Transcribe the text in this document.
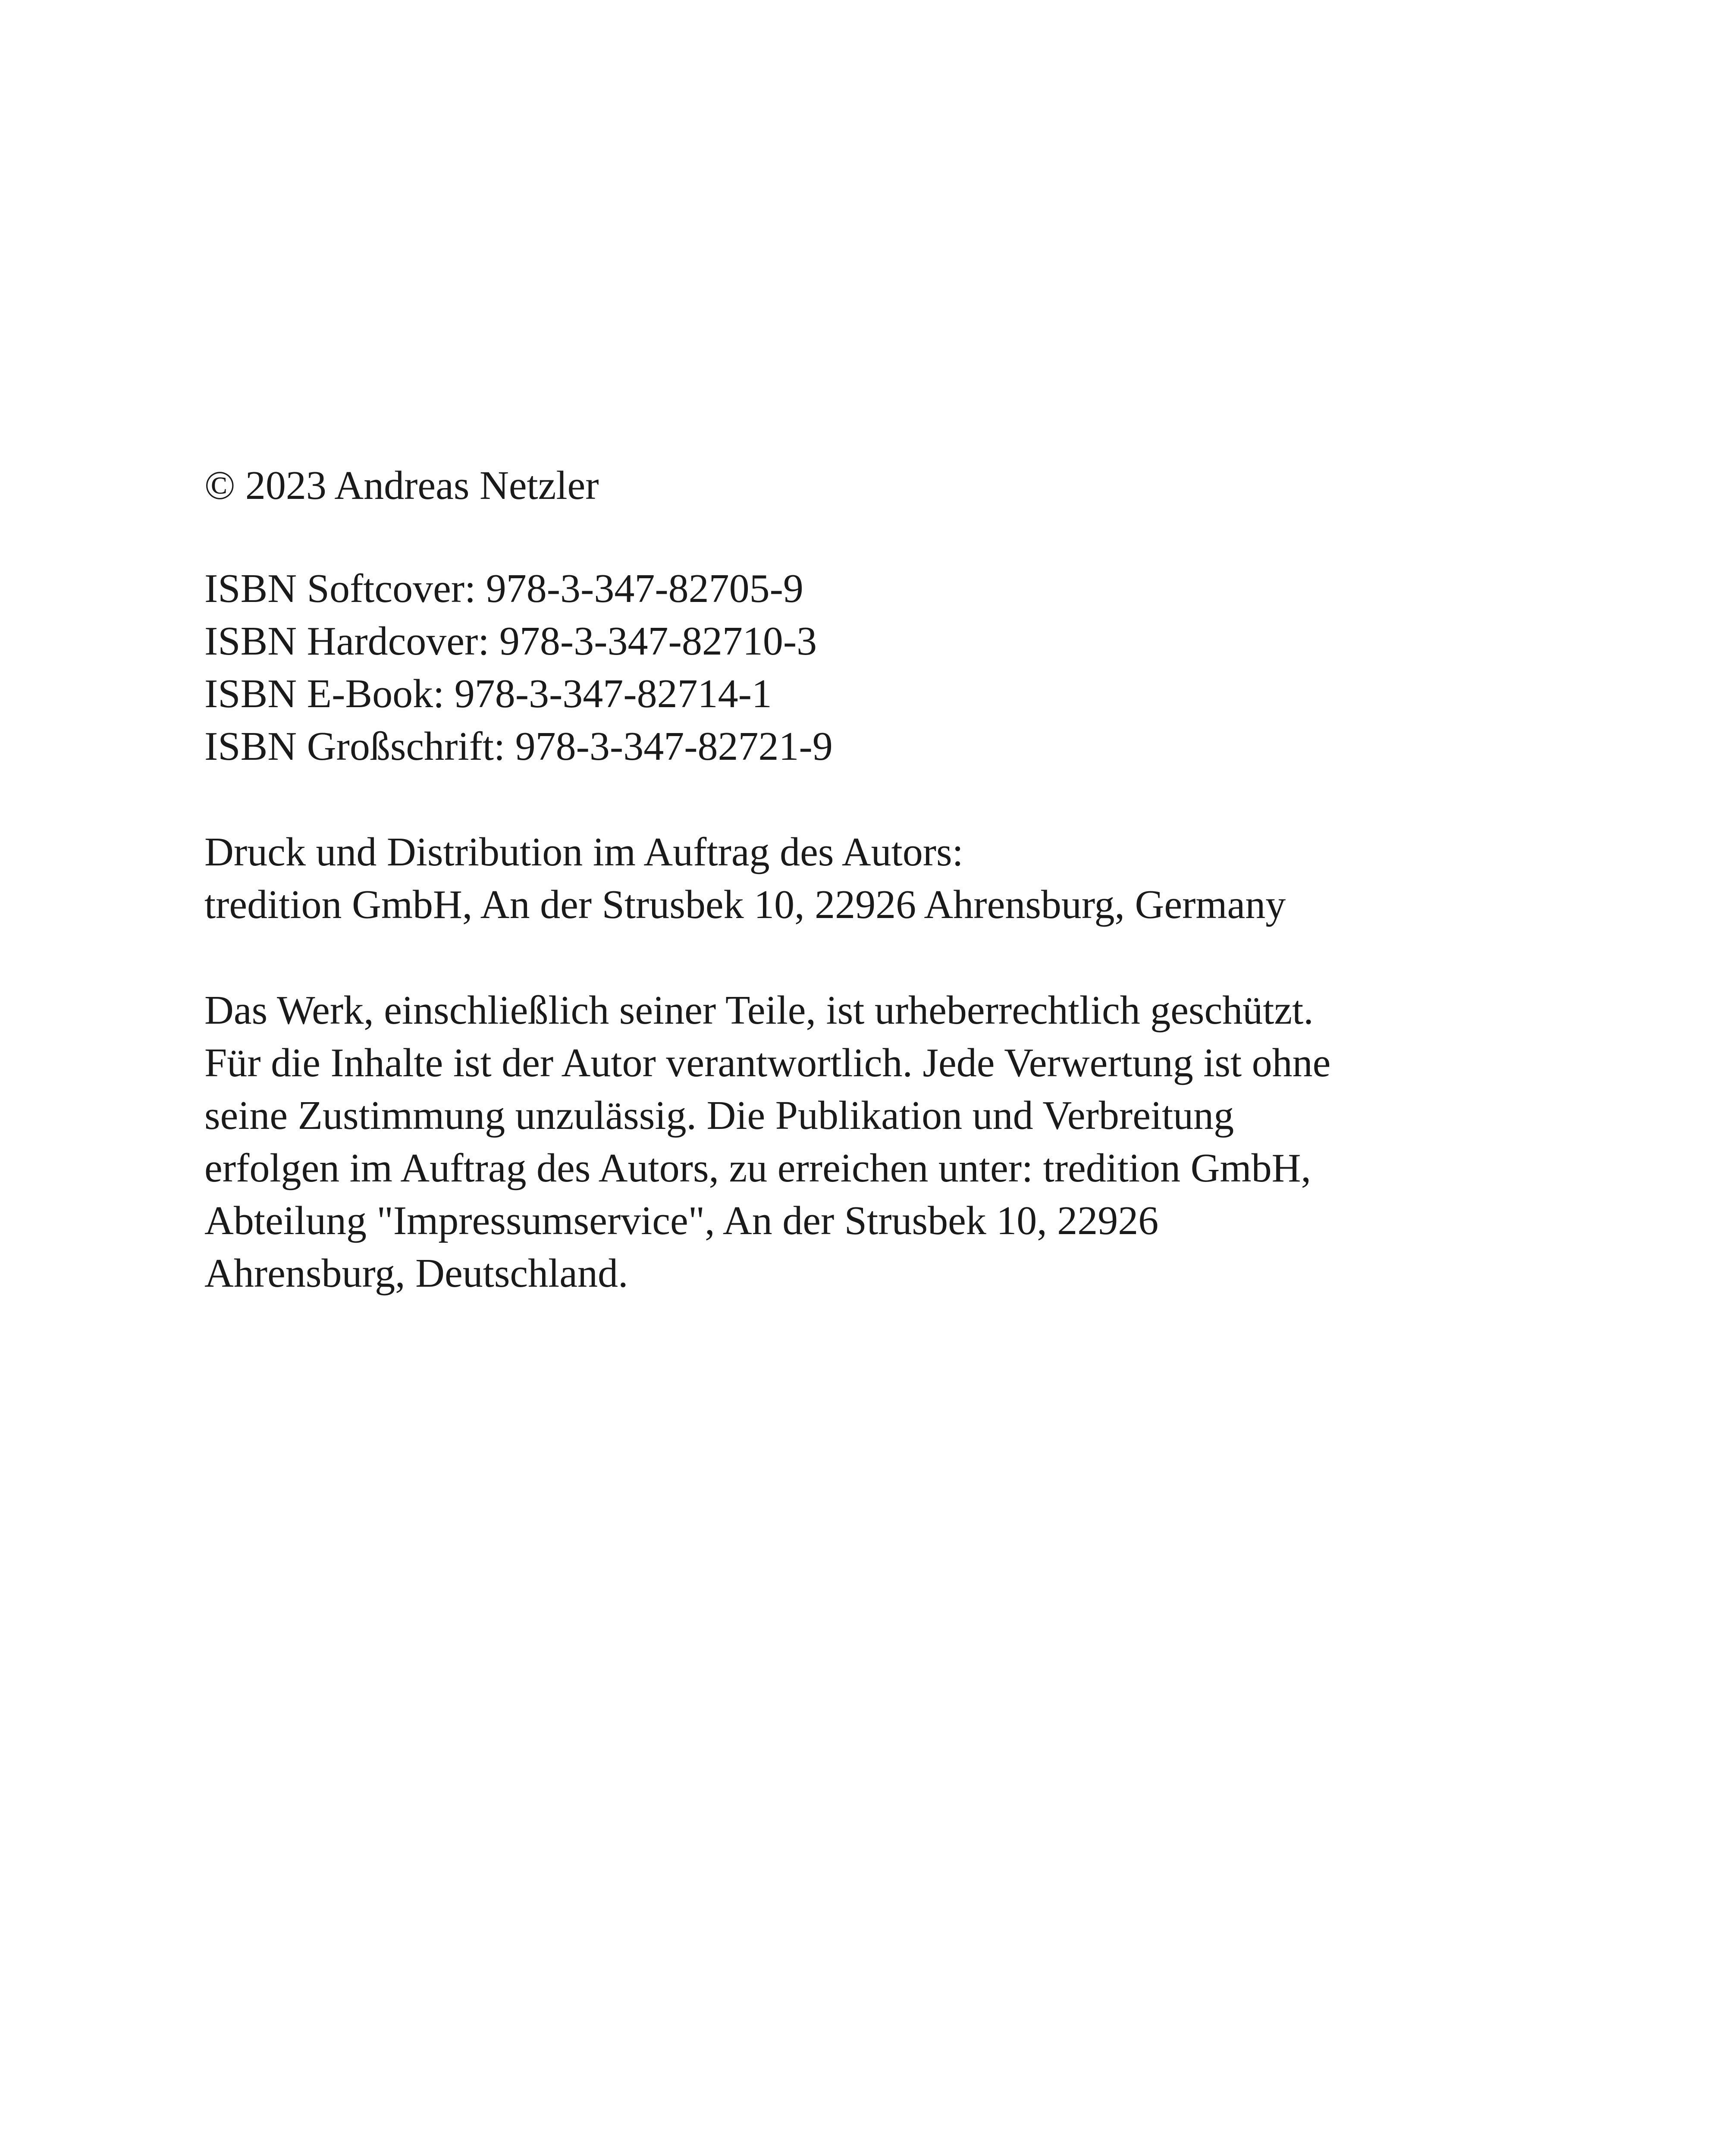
© 2023 Andreas Netzler
ISBN Softcover: 978-3-347-82705-9
ISBN Hardcover: 978-3-347-82710-3
ISBN E-Book: 978-3-347-82714-1
ISBN Großschrift: 978-3-347-82721-9
Druck und Distribution im Auftrag des Autors:
tredition GmbH, An der Strusbek 10, 22926 Ahrensburg, Germany
Das Werk, einschließlich seiner Teile, ist urheberrechtlich geschützt.
Für die Inhalte ist der Autor verantwortlich. Jede Verwertung ist ohne
seine Zustimmung unzulässig. Die Publikation und Verbreitung
erfolgen im Auftrag des Autors, zu erreichen unter: tredition GmbH,
Abteilung "Impressumservice", An der Strusbek 10, 22926
Ahrensburg, Deutschland.
